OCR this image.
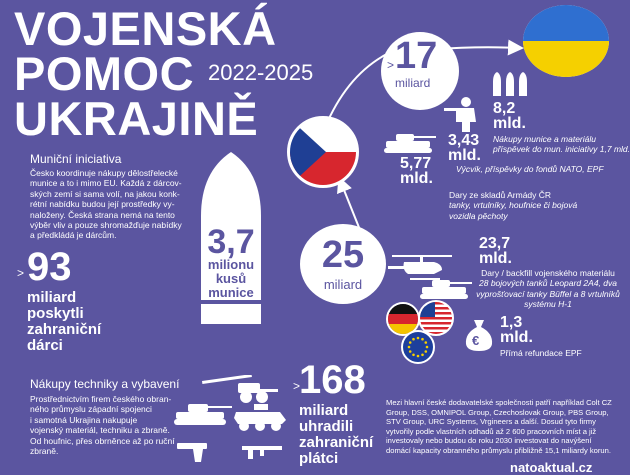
VOJENSKÁ
POMOC
UKRAJINĚ
2022-2025	> 17
miliard
8,2
mld.
Nákupy munice a materiálu
příspěvek do mun. iniciativy 1,7 mld.
3,43
mld.
Výcvik, příspěvky do fondů NATO, EPF
5,77
mld.
Dary ze skladů Armády ČR
tanky, vrtulníky, houfnice či bojová
vozidla pěchoty
3,7
milionu
kusů
munice
Muniční iniciativa
Česko koordinuje nákupy dělostřelecké
munice a to i mimo EU. Každá z dárcov-
ských zemí si sama volí, na jakou konk-
rétní nabídku budou její prostředky vy-
naloženy. Česká strana nemá na tento
výběr vliv a pouze shromažďuje nabídky
a předkládá je dárcům.
> 93
miliard
poskytli
zahraniční
dárci
25
miliard
23,7
mld.
Dary / backfill vojenského materiálu
28 bojových tanků Leopard 2A4, dva
vyprošťovací tanky Büffel a 8 vrtulníků
systému H-1
€
1,3
mld.
Přímá refundace EPF
Nákupy techniky a vybavení
Prostřednictvím firem českého obran-
ného průmyslu západní spojenci
i samotná Ukrajina nakupuje
vojenský materiál, techniku a zbraně.
Od houfnic, přes obrněnce až po ruční
zbraně.
>
168
miliard
uhradili
zahraniční
plátci
Mezi hlavní české dodavatelské společnosti patří například Colt CZ
Group, DSS, OMNIPOL Group, Czechoslovak Group, PBS Group,
STV Group, URC Systems, Vrgineers a další. Dosud tyto firmy
vytvořily podle vlastních odhadů až 2 600 pracovních míst a již
investovaly nebo budou do roku 2030 investovat do navýšení
domácí kapacity obranného průmyslu přibližně 15,1 miliardy korun.
natoaktual.cz
